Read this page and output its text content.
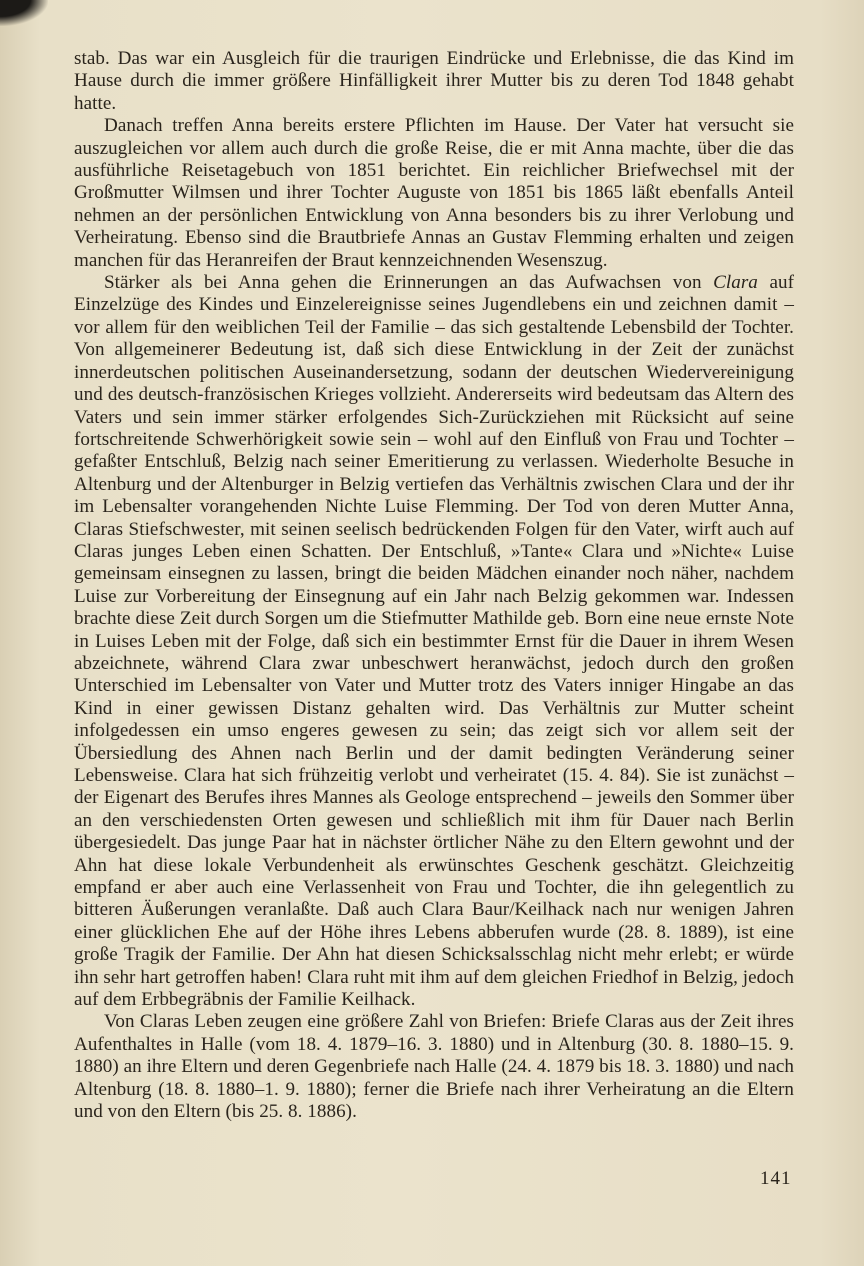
stab. Das war ein Ausgleich für die traurigen Eindrücke und Erlebnisse, die das Kind im Hause durch die immer größere Hinfälligkeit ihrer Mutter bis zu deren Tod 1848 gehabt hatte.

Danach treffen Anna bereits erstere Pflichten im Hause. Der Vater hat versucht sie auszugleichen vor allem auch durch die große Reise, die er mit Anna machte, über die das ausführliche Reisetagebuch von 1851 berichtet. Ein reichlicher Briefwechsel mit der Großmutter Wilmsen und ihrer Tochter Auguste von 1851 bis 1865 läßt ebenfalls Anteil nehmen an der persönlichen Entwicklung von Anna besonders bis zu ihrer Verlobung und Verheiratung. Ebenso sind die Brautbriefe Annas an Gustav Flemming erhalten und zeigen manchen für das Heranreifen der Braut kennzeichnenden Wesenszug.

Stärker als bei Anna gehen die Erinnerungen an das Aufwachsen von Clara auf Einzelzüge des Kindes und Einzelereignisse seines Jugendlebens ein und zeichnen damit – vor allem für den weiblichen Teil der Familie – das sich gestaltende Lebensbild der Tochter. Von allgemeinerer Bedeutung ist, daß sich diese Entwicklung in der Zeit der zunächst innerdeutschen politischen Auseinandersetzung, sodann der deutschen Wiedervereinigung und des deutsch-französischen Krieges vollzieht. Andererseits wird bedeutsam das Altern des Vaters und sein immer stärker erfolgendes Sich-Zurückziehen mit Rücksicht auf seine fortschreitende Schwerhörigkeit sowie sein – wohl auf den Einfluß von Frau und Tochter – gefaßter Entschluß, Belzig nach seiner Emeritierung zu verlassen. Wiederholte Besuche in Altenburg und der Altenburger in Belzig vertiefen das Verhältnis zwischen Clara und der ihr im Lebensalter vorangehenden Nichte Luise Flemming. Der Tod von deren Mutter Anna, Claras Stiefschwester, mit seinen seelisch bedrückenden Folgen für den Vater, wirft auch auf Claras junges Leben einen Schatten. Der Entschluß, »Tante« Clara und »Nichte« Luise gemeinsam einsegnen zu lassen, bringt die beiden Mädchen einander noch näher, nachdem Luise zur Vorbereitung der Einsegnung auf ein Jahr nach Belzig gekommen war. Indessen brachte diese Zeit durch Sorgen um die Stiefmutter Mathilde geb. Born eine neue ernste Note in Luises Leben mit der Folge, daß sich ein bestimmter Ernst für die Dauer in ihrem Wesen abzeichnete, während Clara zwar unbeschwert heranwächst, jedoch durch den großen Unterschied im Lebensalter von Vater und Mutter trotz des Vaters inniger Hingabe an das Kind in einer gewissen Distanz gehalten wird. Das Verhältnis zur Mutter scheint infolgedessen ein umso engeres gewesen zu sein; das zeigt sich vor allem seit der Übersiedlung des Ahnen nach Berlin und der damit bedingten Veränderung seiner Lebensweise. Clara hat sich frühzeitig verlobt und verheiratet (15. 4. 84). Sie ist zunächst – der Eigenart des Berufes ihres Mannes als Geologe entsprechend – jeweils den Sommer über an den verschiedensten Orten gewesen und schließlich mit ihm für Dauer nach Berlin übergesiedelt. Das junge Paar hat in nächster örtlicher Nähe zu den Eltern gewohnt und der Ahn hat diese lokale Verbundenheit als erwünschtes Geschenk geschätzt. Gleichzeitig empfand er aber auch eine Verlassenheit von Frau und Tochter, die ihn gelegentlich zu bitteren Äußerungen veranlaßte. Daß auch Clara Baur/Keilhack nach nur wenigen Jahren einer glücklichen Ehe auf der Höhe ihres Lebens abberufen wurde (28. 8. 1889), ist eine große Tragik der Familie. Der Ahn hat diesen Schicksalsschlag nicht mehr erlebt; er würde ihn sehr hart getroffen haben! Clara ruht mit ihm auf dem gleichen Friedhof in Belzig, jedoch auf dem Erbbegräbnis der Familie Keilhack.

Von Claras Leben zeugen eine größere Zahl von Briefen: Briefe Claras aus der Zeit ihres Aufenthaltes in Halle (vom 18. 4. 1879–16. 3. 1880) und in Altenburg (30. 8. 1880–15. 9. 1880) an ihre Eltern und deren Gegenbriefe nach Halle (24. 4. 1879 bis 18. 3. 1880) und nach Altenburg (18. 8. 1880–1. 9. 1880); ferner die Briefe nach ihrer Verheiratung an die Eltern und von den Eltern (bis 25. 8. 1886).

141
